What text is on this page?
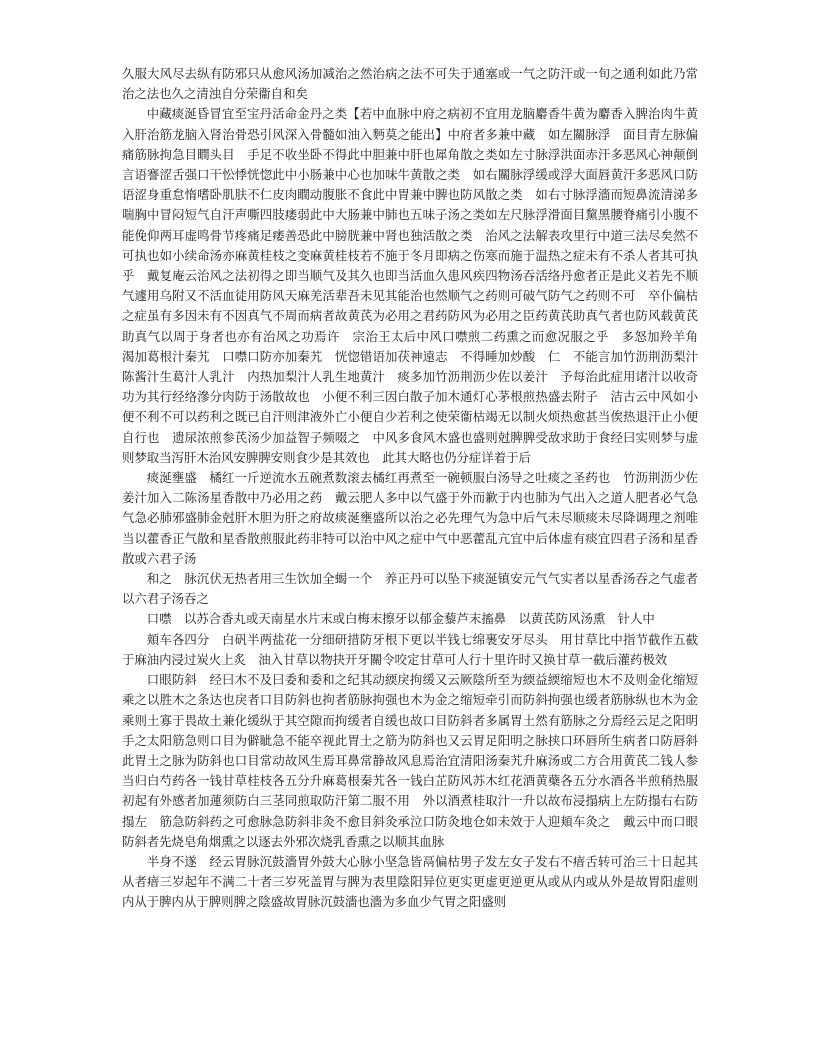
久服大风尽去纵有防邪只从愈风汤加减治之然治病之法不可失于通塞或一气之防汗或一旬之通利如此乃常治之法也久之清浊自分荣衞自和矣

中藏痰涎昏冒宜至宝丹活命金丹之类【若中血脉中府之病初不宜用龙脑麝香牛黄为麝香入脾治肉牛黄入肝治筋龙脑入肾治骨恐引风深入骨髓如油入麪莫之能出】中府者多兼中藏　如左關脉浮　面目青左脉偏痛筋脉拘急目瞤头目　手足不收坐卧不得此中胆兼中肝也犀角散之类如左寸脉浮洪面赤汗多恶风心神颠倒言语謇涩舌强口干忪悸恍惚此中小肠兼中心也加味牛黄散之类　如右關脉浮缓或浮大面唇黄汗多恶风口防语涩身重怠惰嗜卧肌肤不仁皮肉瞤动腹胀不食此中胃兼中脾也防风散之类　如右寸脉浮濇而短鼻流清涕多喘胸中冒闷短气自汗声嘶四肢痿弱此中大肠兼中肺也五味子汤之类如左尺脉浮滑面目黧黑腰脊痛引小腹不能俛仰两耳虚鸣骨节疼痛足痿善恐此中膀胱兼中肾也独活散之类　治风之法解表攻里行中道三法尽矣然不可执也如小续命汤亦麻黄桂枝之变麻黄桂枝若不施于冬月即病之伤寒而施于温热之症未有不杀人者其可执乎　戴复庵云治风之法初得之即当顺气及其久也即当活血久患风疾四物汤吞活络丹愈者正是此义若先不顺气遽用乌附又不活血徒用防风天麻羌活辈吾未见其能治也然顺气之药则可破气防气之药则不可　卒仆偏枯之症虽有多因未有不因真气不周而病者故黄芪为必用之君药防风为必用之臣药黄芪助真气者也防风载黄芪助真气以周于身者也亦有治风之功焉许　宗治王太后中风口噤煎二药熏之而愈况服之乎　多怒加羚羊角　渴加葛根汁秦艽　口噤口防亦加秦艽　恍惚错语加茯神遠志　不得睡加炒酸　仁　不能言加竹沥荆沥梨汁陈酱汁生葛汁人乳汁　内热加梨汁人乳生地黄汁　痰多加竹沥荆沥少佐以姜汁　予每治此症用诸汁以收奇功为其行经络滲分肉防于汤散故也　小便不利三因白散子加木通灯心茅根煎热盛去附子　洁古云中风如小便不利不可以药利之既已自汗则津液外亡小便自少若利之使荣衞枯竭无以制火烦热愈甚当俟热退汗止小便自行也　遗尿浓煎参芪汤少加益智子频啜之　中风多食风木盛也盛则尅脾脾受敌求助于食经曰实则梦与虚则梦取当泻肝木治风安脾脾安则食少是其效也　此其大略也仍分症详着于后

痰涎壅盛　橘红一斤逆流水五碗煮数滚去橘红再煮至一碗顿服白汤导之吐痰之圣药也　竹沥荆沥少佐姜汁加入二陈汤星香散中乃必用之药　戴云肥人多中以气盛于外而歉于内也肺为气出入之道人肥者必气急气急必肺邪盛肺金尅肝木胆为肝之府故痰涎壅盛所以治之必先理气为急中后气未尽顺痰未尽降调理之剂唯当以藿香正气散和星香散煎服此药非特可以治中风之症中气中恶藿乱亢宜中后体虚有痰宜四君子汤和星香散或六君子汤

和之　脉沉伏无热者用三生饮加全蝎一个　养正丹可以坠下痰涎镇安元气气实者以星香汤吞之气虚者以六君子汤吞之

口噤　以苏合香丸或天南星水片末或白梅末擦牙以郁金藜芦末搐鼻　以黄芪防风汤熏　针人中

頬车各四分　白矾半两盐花一分细研措防牙根下更以半钱七绵裹安牙尽头　用甘草比中指节截作五截于麻油内浸过炭火上炙　油入甘草以物抉开牙關令咬定甘草可人行十里许时又换甘草一截后灌药极效

口眼防斜　经曰木不及曰委和委和之纪其动緛戾拘缓又云厥陰所至为緛益緛缩短也木不及则金化缩短乘之以胜木之条达也戾者口目防斜也拘者筋脉拘强也木为金之缩短牵引而防斜拘强也缓者筋脉纵也木为金乘则土寡于畏故土兼化缓纵于其空隙而拘缓者自缓也故口目防斜者多属胃土然有筋脉之分焉经云足之阳明手之太阳筋急则口目为僻眦急不能卒视此胃土之筋为防斜也又云胃足阳明之脉挟口环唇所生病者口防唇斜此胃土之脉为防斜也口目常动故风生焉耳鼻常静故风息焉治宜清阳汤秦艽升麻汤或二方合用黄芪二钱人参当归白芍药各一钱甘草桂枝各五分升麻葛根秦艽各一钱白芷防风苏木红花酒黄蘗各五分水酒各半煎稍热服初起有外感者加蓮须防白三茎同煎取防汗第二服不用　外以酒煮桂取汁一升以故布浸搨病上左防搨右右防搨左　筋急防斜药之可愈脉急防斜非灸不愈目斜灸承泣口防灸地仓如未效于人迎頬车灸之　戴云中而口眼防斜者先烧皂角烟熏之以逐去外邪次烧乳香熏之以顺其血脉

半身不遂　经云胃脉沉鼓濇胃外鼓大心脉小坚急皆鬲偏枯男子发左女子发右不瘖舌转可治三十日起其从者瘖三岁起年不满二十者三岁死盖胃与脾为表里陰阳异位更实更虚更逆更从或从内或从外是故胃阳虚则内从于脾内从于脾则脾之陰盛故胃脉沉鼓濇也濇为多血少气胃之阳盛则
